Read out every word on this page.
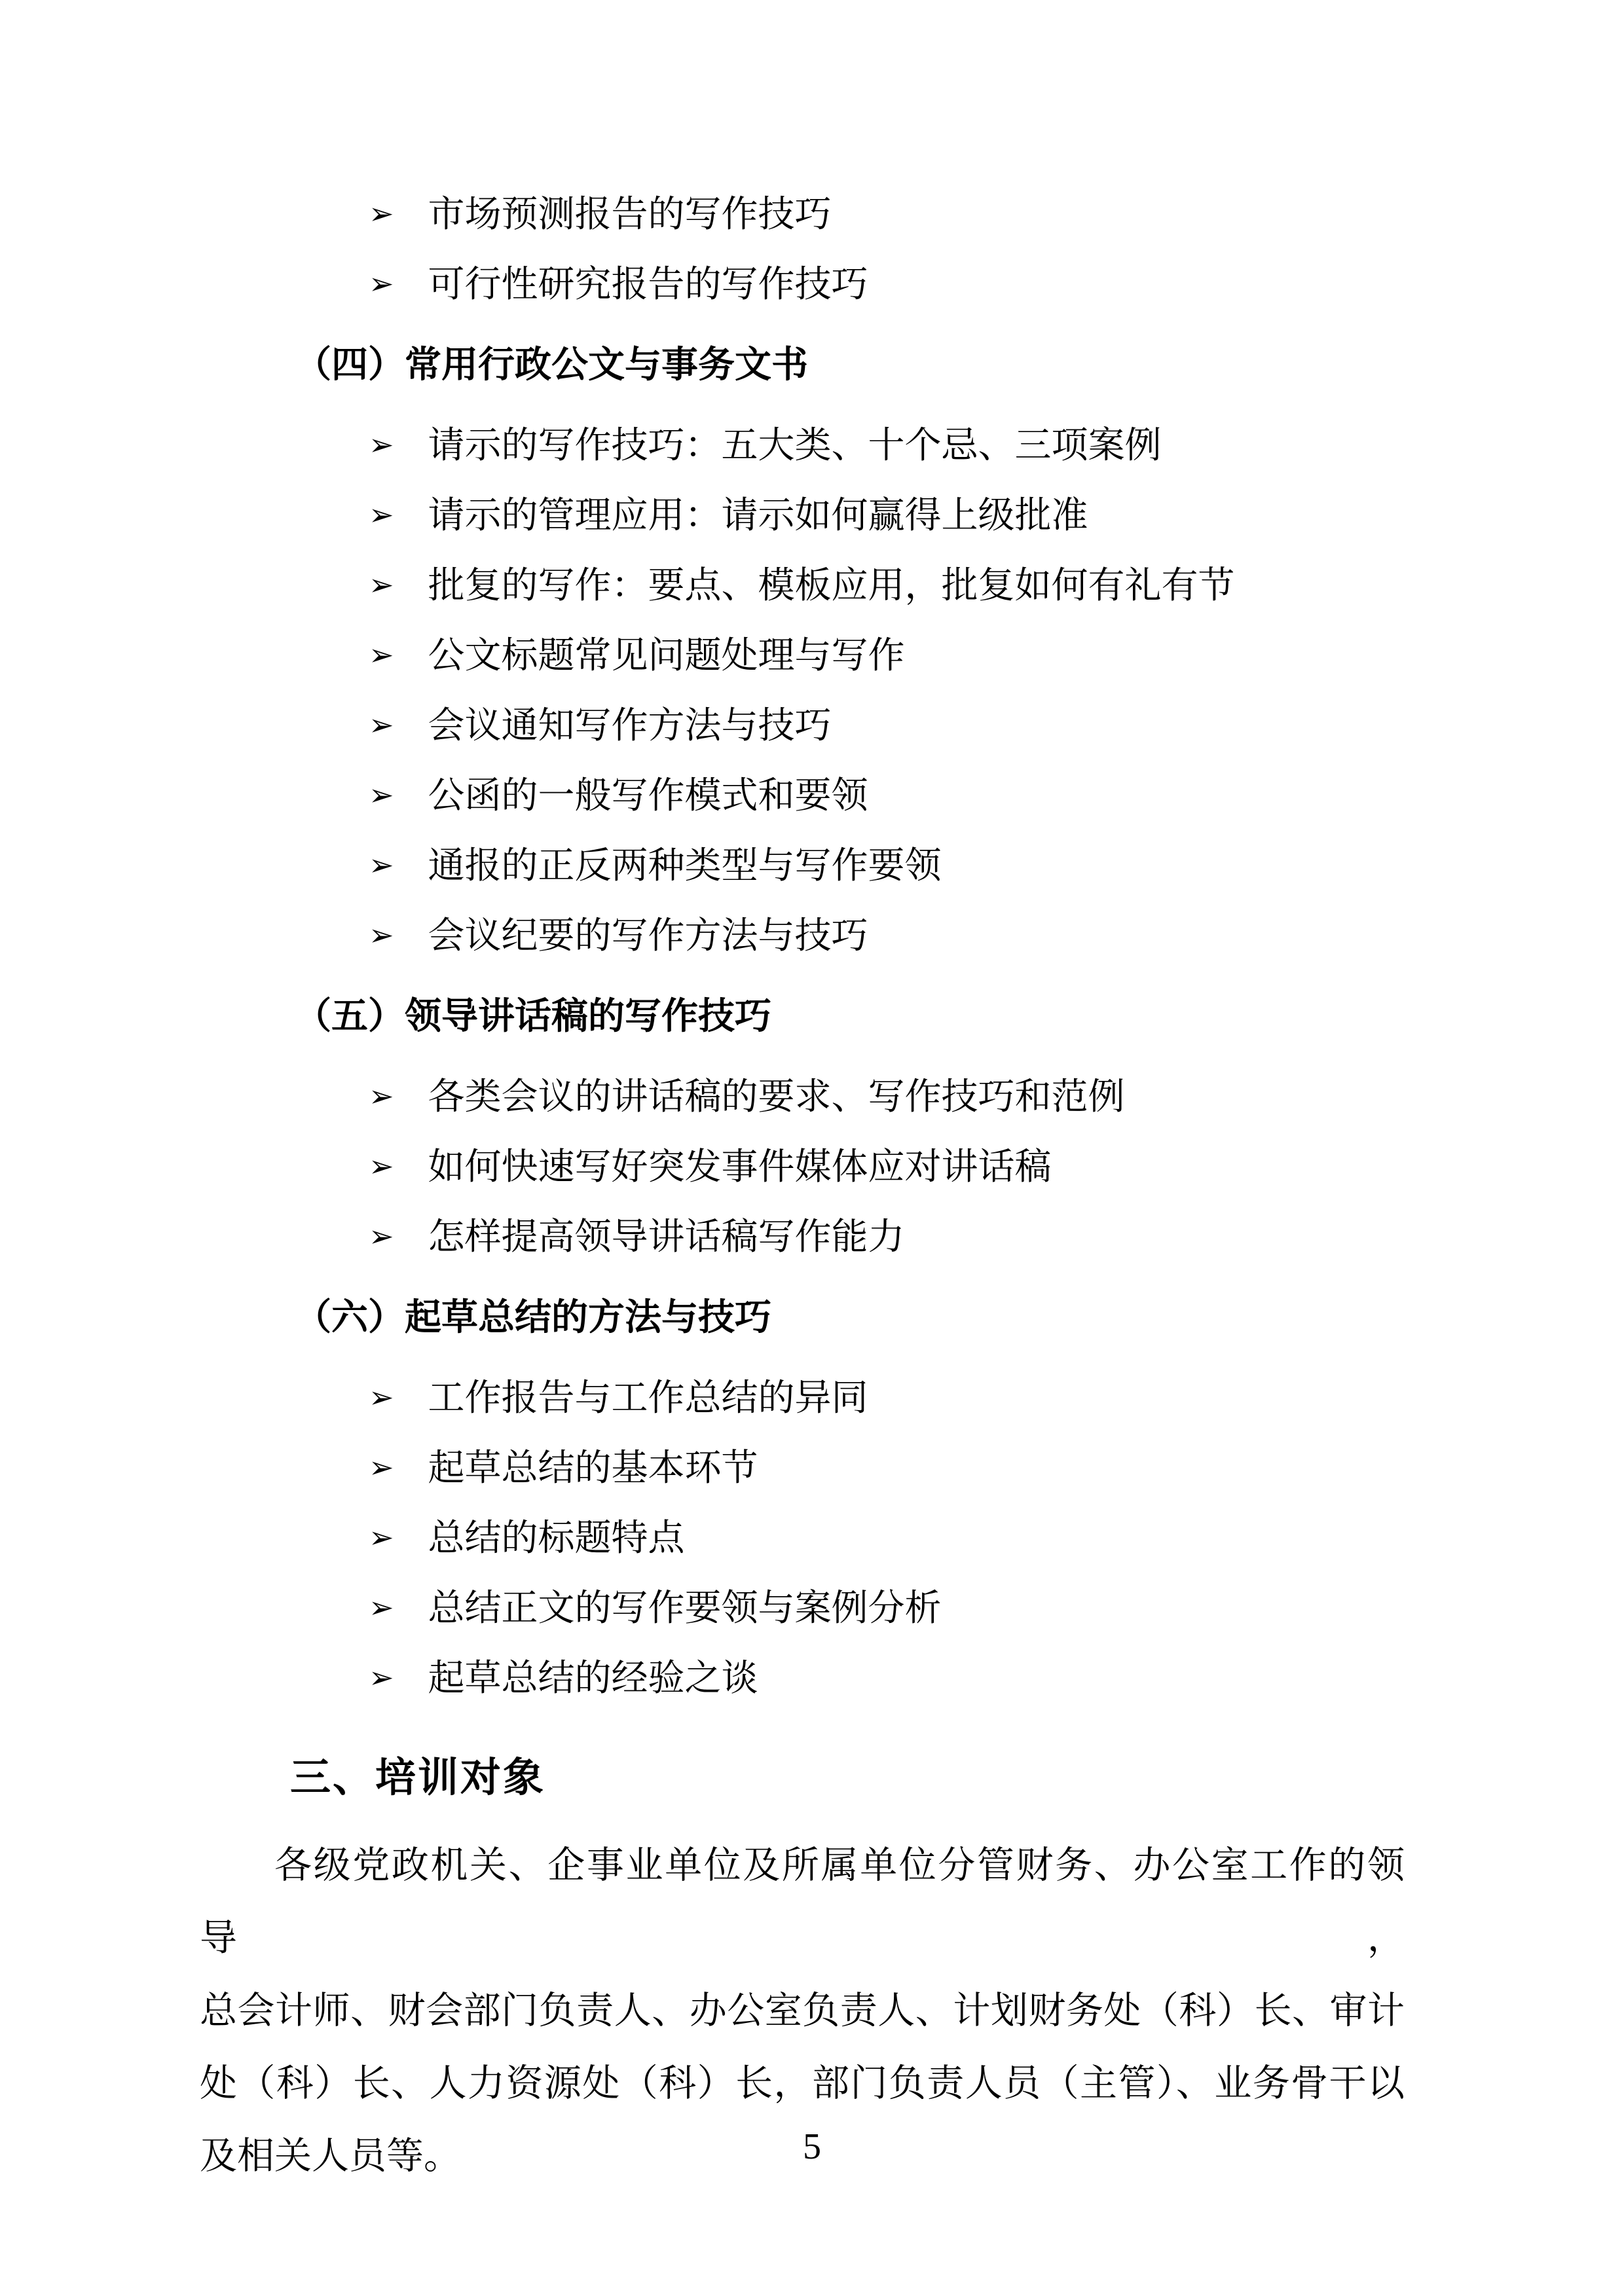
➢ 市场预测报告的写作技巧
➢ 可行性研究报告的写作技巧
（四）常用行政公文与事务文书
➢ 请示的写作技巧：五大类、十个忌、三项案例
➢ 请示的管理应用：请示如何赢得上级批准
➢ 批复的写作：要点、模板应用，批复如何有礼有节
➢ 公文标题常见问题处理与写作
➢ 会议通知写作方法与技巧
➢ 公函的一般写作模式和要领
➢ 通报的正反两种类型与写作要领
➢ 会议纪要的写作方法与技巧
（五）领导讲话稿的写作技巧
➢ 各类会议的讲话稿的要求、写作技巧和范例
➢ 如何快速写好突发事件媒体应对讲话稿
➢ 怎样提高领导讲话稿写作能力
（六）起草总结的方法与技巧
➢ 工作报告与工作总结的异同
➢ 起草总结的基本环节
➢ 总结的标题特点
➢ 总结正文的写作要领与案例分析
➢ 起草总结的经验之谈
三、培训对象
各级党政机关、企事业单位及所属单位分管财务、办公室工作的领导，
总会计师、财会部门负责人、办公室负责人、计划财务处（科）长、审计
处（科）长、人力资源处（科）长，部门负责人员（主管）、业务骨干以
及相关人员等。	5
